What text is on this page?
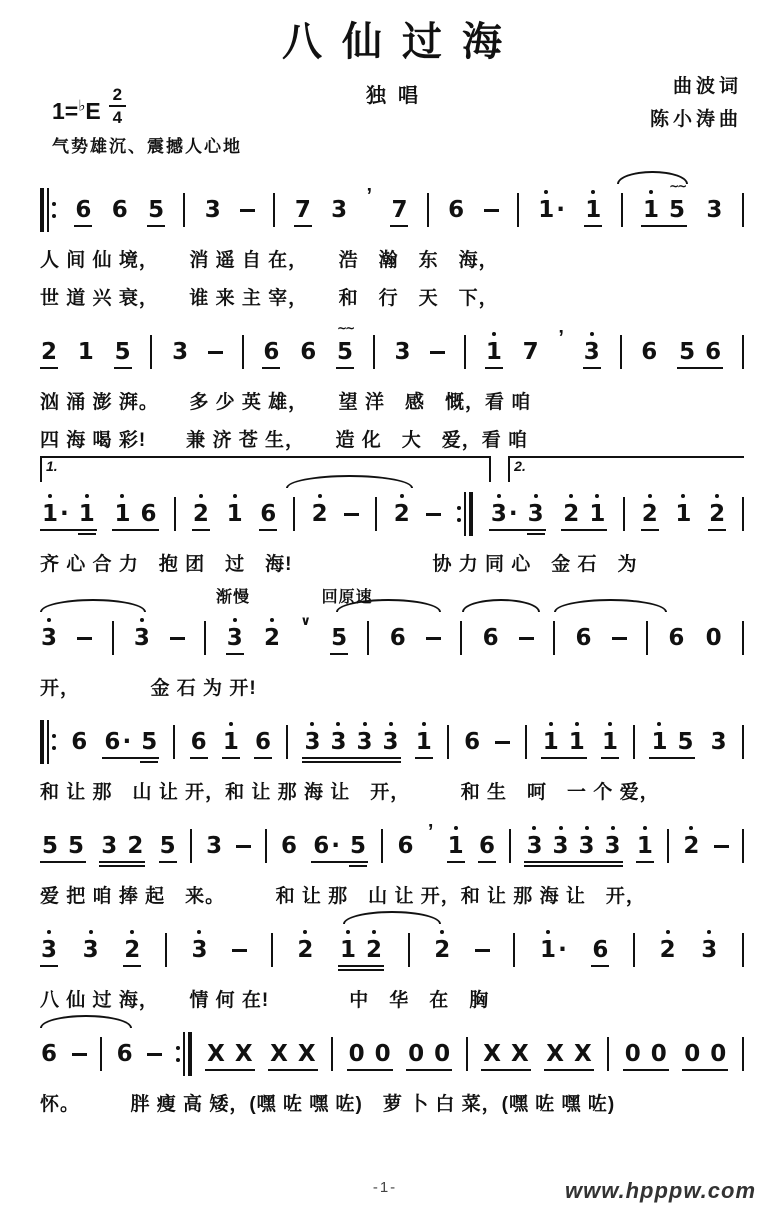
八仙过海
独唱	曲波词
陈小涛曲
$1=^♭E \frac{2}{4}$
气势雄沉、震撼人心地
6 6 5 3	7 3
’
7 6	1 · 1 1 5
∼∼
3
人 间 仙 境，　　消 遥 自 在，　　浩　瀚　东　海，
世 道 兴 衰，　　谁 来 主 宰，　　和　行　天　下，
2 1 5 3	6 6 5
∼∼
3	1 7
’
3 6 5 6
汹 涌 澎 湃。　　多 少 英 雄，　　望 洋　感　慨，看 咱
四 海 喝 彩!　　兼 济 苍 生，　　造 化　大　爱，看 咱
1.	2.
1 · 1 1 6 2 1 6 2	2	3 · 3 2 1 2 1 2
齐 心 合 力　抱 团　过　海!　　　　　　　协 力 同 心　金 石　为
渐慢	回原速
3	3	3 2
∨
5 6	6	6	6 0
开，　　　　金 石 为 开!
6 6 · 5 6 1 6 3 3 3 3 1 6	1 1 1 1 5 3
和 让 那　山 让 开，和 让 那 海 让　开，　　　和 生　呵　一 个 爱，
5 5 3 2 5 3	6 6 · 5 6
’
1 6 3 3 3 3 1 2
爱 把 咱 捧 起　来。　　　和 让 那　山 让 开，和 让 那 海 让　开，
3 3 2 3	2 1 2 2	1 · 6 2 3
八 仙 过 海，　　情 何 在!　　　　中　华　在　胸
6	6	X X X X 0 0 0 0 X X X X 0 0 0 0
怀。　　　胖 瘦 高 矮，(嘿 咗 嘿 咗)　萝 卜 白 菜，(嘿 咗 嘿 咗)
-1-	www.hpppw.com
